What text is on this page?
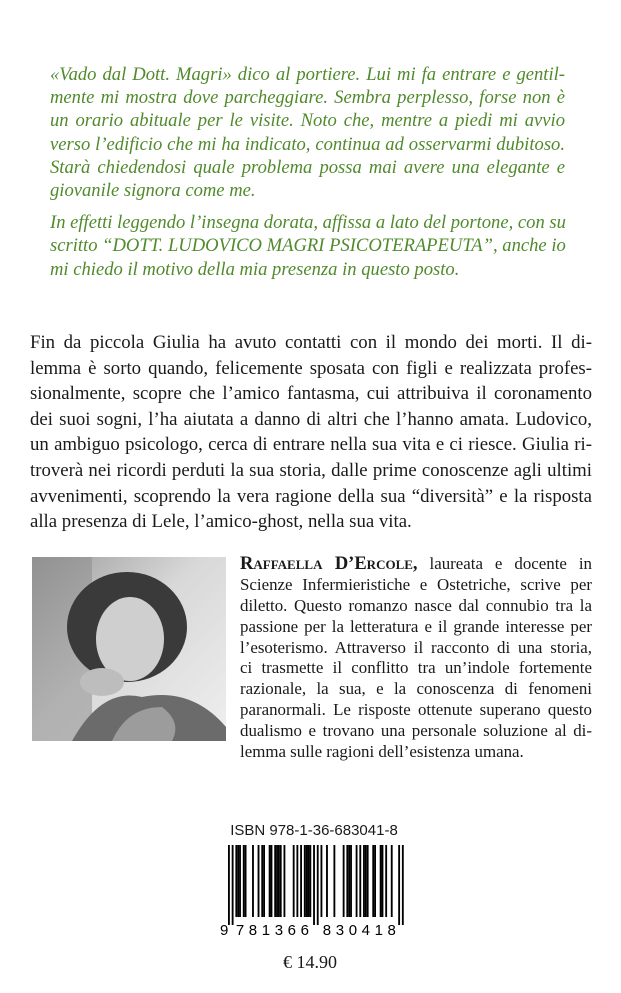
«Vado dal Dott. Magri» dico al portiere. Lui mi fa entrare e gentil-
mente mi mostra dove parcheggiare. Sembra perplesso, forse non è
un orario abituale per le visite. Noto che, mentre a piedi mi avvio
verso l’edificio che mi ha indicato, continua ad osservarmi dubitoso.
Starà chiedendosi quale problema possa mai avere una elegante e
giovanile signora come me.
In effetti leggendo l’insegna dorata, affissa a lato del portone, con su
scritto “DOTT. LUDOVICO MAGRI PSICOTERAPEUTA”, anche io
mi chiedo il motivo della mia presenza in questo posto.
Fin da piccola Giulia ha avuto contatti con il mondo dei morti. Il di-
lemma è sorto quando, felicemente sposata con figli e realizzata profes-
sionalmente, scopre che l’amico fantasma, cui attribuiva il coronamento
dei suoi sogni, l’ha aiutata a danno di altri che l’hanno amata. Ludovico,
un ambiguo psicologo, cerca di entrare nella sua vita e ci riesce. Giulia ri-
troverà nei ricordi perduti la sua storia, dalle prime conoscenze agli ultimi
avvenimenti, scoprendo la vera ragione della sua “diversità” e la risposta
alla presenza di Lele, l’amico-ghost, nella sua vita.
Raffaella D’Ercole, laureata e docente in
Scienze Infermieristiche e Ostetriche, scrive per
diletto. Questo romanzo nasce dal connubio tra la
passione per la letteratura e il grande interesse per
l’esoterismo. Attraverso il racconto di una storia,
ci trasmette il conflitto tra un’indole fortemente
razionale, la sua, e la conoscenza di fenomeni
paranormali. Le risposte ottenute superano questo
dualismo e trovano una personale soluzione al di-
lemma sulle ragioni dell’esistenza umana.
ISBN 978-1-36-683041-8
9 7 8 1 3 6 6 8 3 0 4 1 8
€ 14.90
